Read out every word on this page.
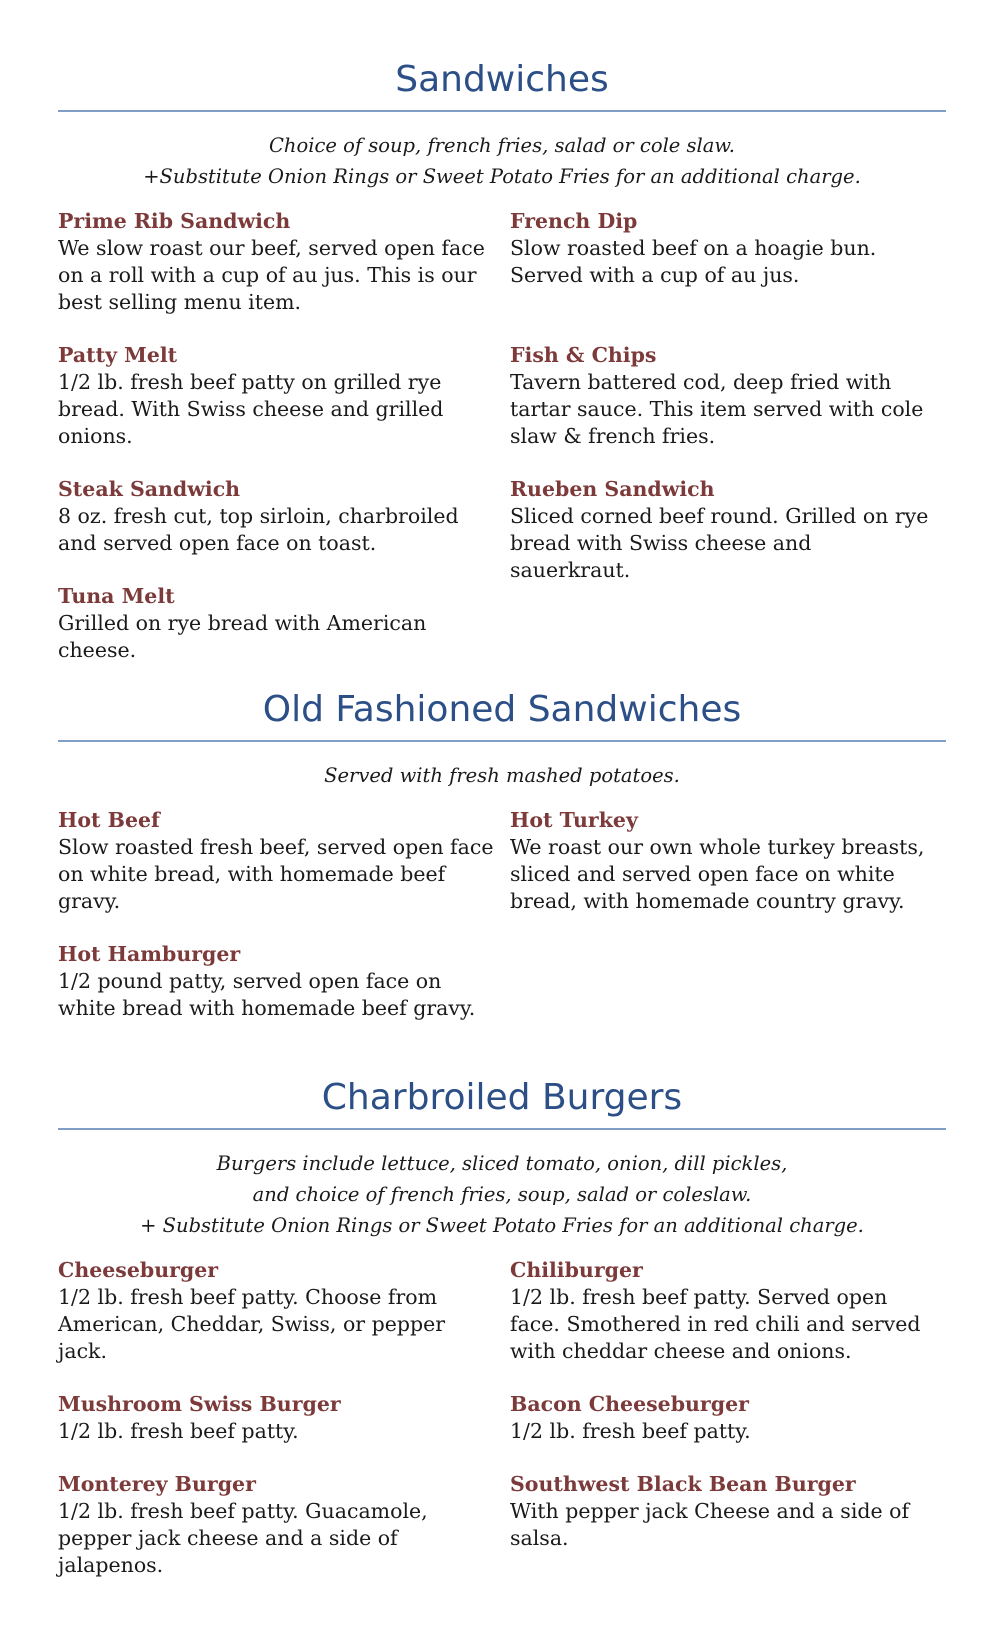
Sandwiches
Choice of soup, french fries, salad or cole slaw.
+Substitute Onion Rings or Sweet Potato Fries for an additional charge.
Prime Rib Sandwich
We slow roast our beef, served open face on a roll with a cup of au jus. This is our best selling menu item.
Patty Melt
1/2 lb. fresh beef patty on grilled rye bread. With Swiss cheese and grilled onions.
Steak Sandwich
8 oz. fresh cut, top sirloin, charbroiled and served open face on toast.
Tuna Melt
Grilled on rye bread with American cheese.
French Dip
Slow roasted beef on a hoagie bun. Served with a cup of au jus.
Fish & Chips
Tavern battered cod, deep fried with tartar sauce. This item served with cole slaw & french fries.
Rueben Sandwich
Sliced corned beef round. Grilled on rye bread with Swiss cheese and sauerkraut.
Old Fashioned Sandwiches
Served with fresh mashed potatoes.
Hot Beef
Slow roasted fresh beef, served open face on white bread, with homemade beef gravy.
Hot Hamburger
1/2 pound patty, served open face on white bread with homemade beef gravy.
Hot Turkey
We roast our own whole turkey breasts, sliced and served open face on white bread, with homemade country gravy.
Charbroiled Burgers
Burgers include lettuce, sliced tomato, onion, dill pickles,
and choice of french fries, soup, salad or coleslaw.
+ Substitute Onion Rings or Sweet Potato Fries for an additional charge.
Cheeseburger
1/2 lb. fresh beef patty. Choose from American, Cheddar, Swiss, or pepper jack.
Mushroom Swiss Burger
1/2 lb. fresh beef patty.
Monterey Burger
1/2 lb. fresh beef patty. Guacamole, pepper jack cheese and a side of jalapenos.
Chiliburger
1/2 lb. fresh beef patty. Served open face. Smothered in red chili and served with cheddar cheese and onions.
Bacon Cheeseburger
1/2 lb. fresh beef patty.
Southwest Black Bean Burger
With pepper jack Cheese and a side of salsa.
